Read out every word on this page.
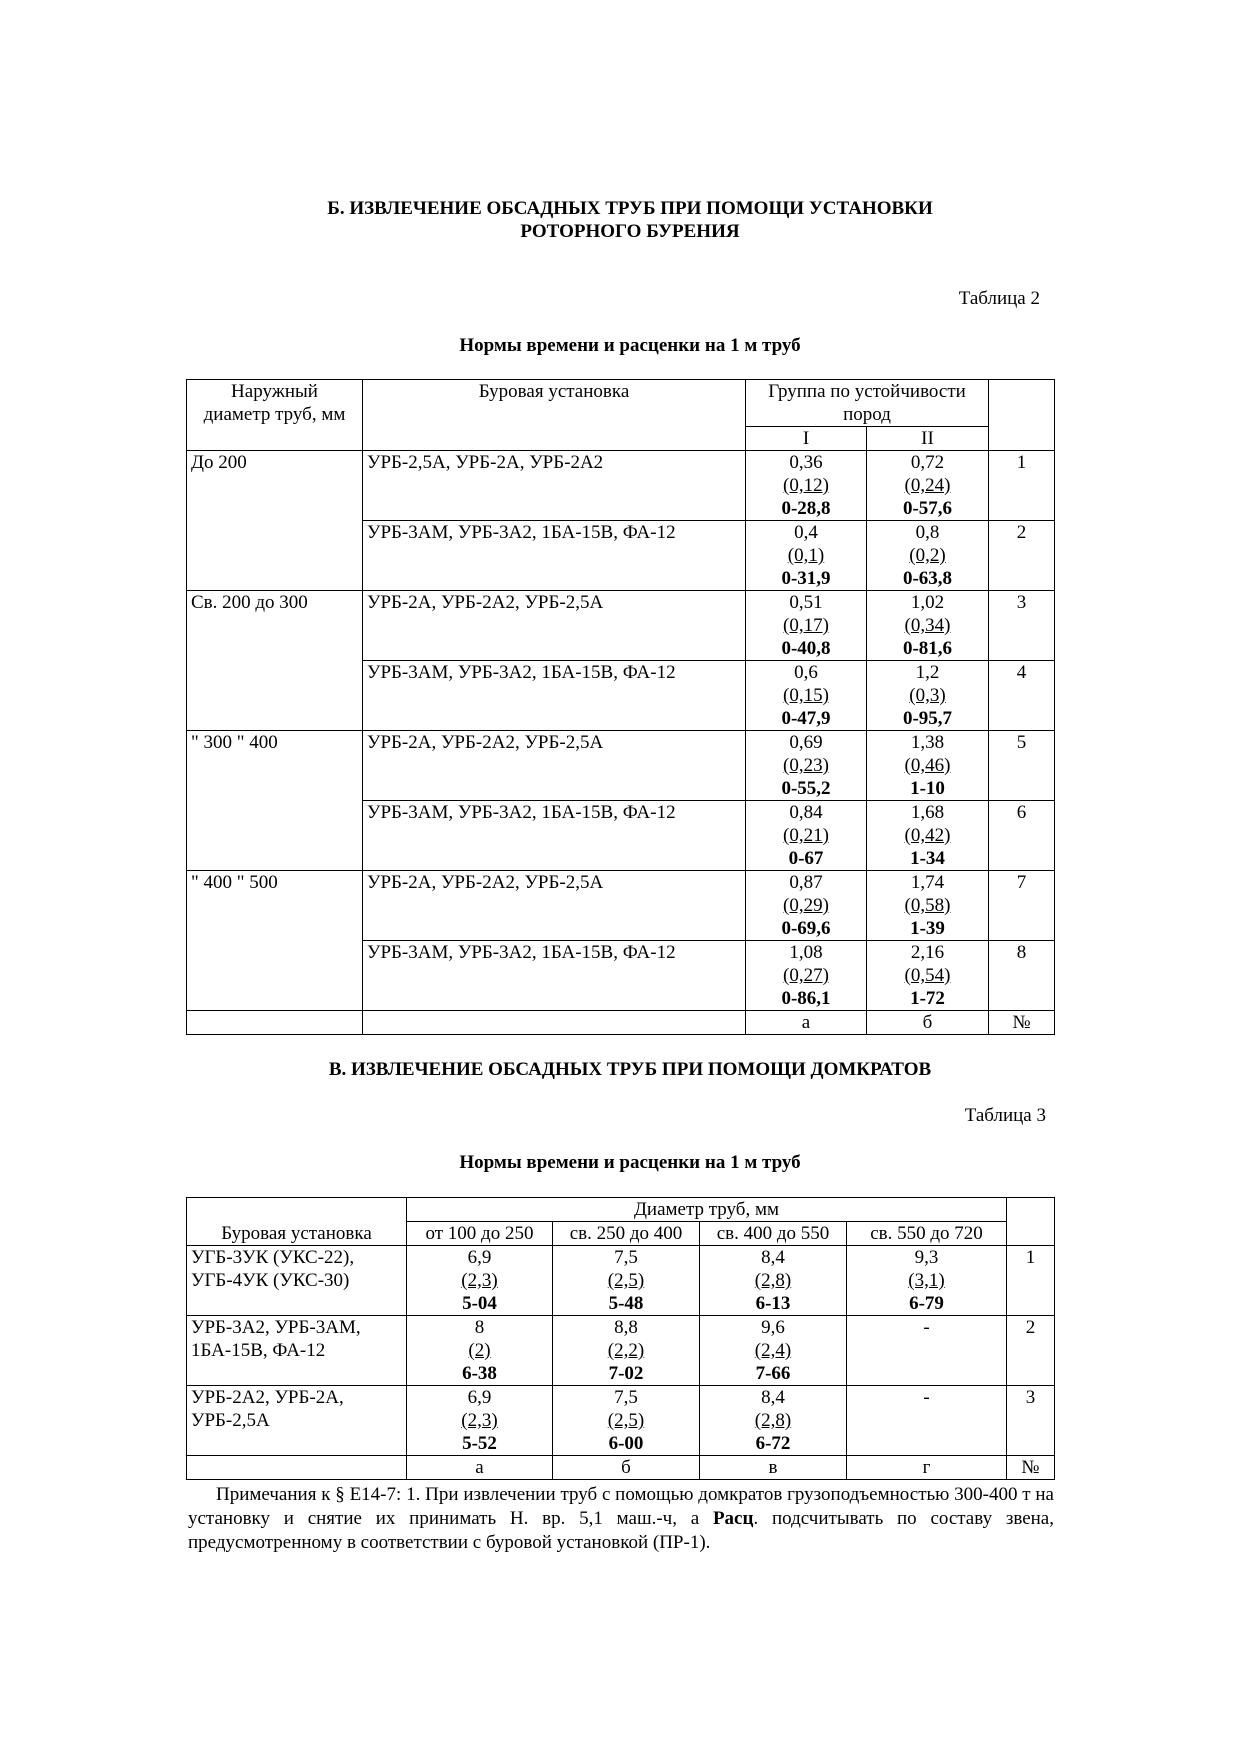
Б. ИЗВЛЕЧЕНИЕ ОБСАДНЫХ ТРУБ ПРИ ПОМОЩИ УСТАНОВКИ
РОТОРНОГО БУРЕНИЯ
Таблица 2
Нормы времени и расценки на 1 м труб
Наружный
диаметр труб, мм	Буровая установка	Группа по устойчивости
пород		

		I	II	
До 200	УРБ-2,5А, УРБ-2А, УРБ-2А2	0,36
(0,12)
0-28,8	0,72
(0,24)
0-57,6	1
	УРБ-3АМ, УРБ-3А2, 1БА-15В, ФА-12	0,4
(0,1)
0-31,9	0,8
(0,2)
0-63,8	2
Св. 200 до 300	УРБ-2А, УРБ-2А2, УРБ-2,5А	0,51
(0,17)
0-40,8	1,02
(0,34)
0-81,6	3
	УРБ-3АМ, УРБ-3А2, 1БА-15В, ФА-12	0,6
(0,15)
0-47,9	1,2
(0,3)
0-95,7	4
" 300 " 400	УРБ-2А, УРБ-2А2, УРБ-2,5А	0,69
(0,23)
0-55,2	1,38
(0,46)
1-10	5
	УРБ-3АМ, УРБ-3А2, 1БА-15В, ФА-12	0,84
(0,21)
0-67	1,68
(0,42)
1-34	6
" 400 " 500	УРБ-2А, УРБ-2А2, УРБ-2,5А	0,87
(0,29)
0-69,6	1,74
(0,58)
1-39	7
	УРБ-3АМ, УРБ-3А2, 1БА-15В, ФА-12	1,08
(0,27)
0-86,1	2,16
(0,54)
1-72	8
		а	б	№
В. ИЗВЛЕЧЕНИЕ ОБСАДНЫХ ТРУБ ПРИ ПОМОЩИ ДОМКРАТОВ
Таблица 3
Нормы времени и расценки на 1 м труб
Буровая установка	Диаметр труб, мм				
	от 100 до 250	св. 250 до 400	св. 400 до 550	св. 550 до 720	

УГБ-3УК (УКС-22),
УГБ-4УК (УКС-30)	6,9
(2,3)
5-04	7,5
(2,5)
5-48	8,4
(2,8)
6-13	9,3
(3,1)
6-79	1

УРБ-3А2, УРБ-3АМ,
1БА-15В, ФА-12	8
(2)
6-38	8,8
(2,2)
7-02	9,6
(2,4)
7-66	-	2

УРБ-2А2, УРБ-2А,
УРБ-2,5А	6,9
(2,3)
5-52	7,5
(2,5)
6-00	8,4
(2,8)
6-72	-	3
	а	б	в	г	№

Примечания к § Е14-7: 1. При извлечении труб с помощью домкратов грузоподъемностью 300-400 т на установку и снятие их принимать Н. вр. 5,1 маш.-ч, а Расц. подсчитывать по составу звена, предусмотренному в соответствии с буровой установкой (ПР-1).
